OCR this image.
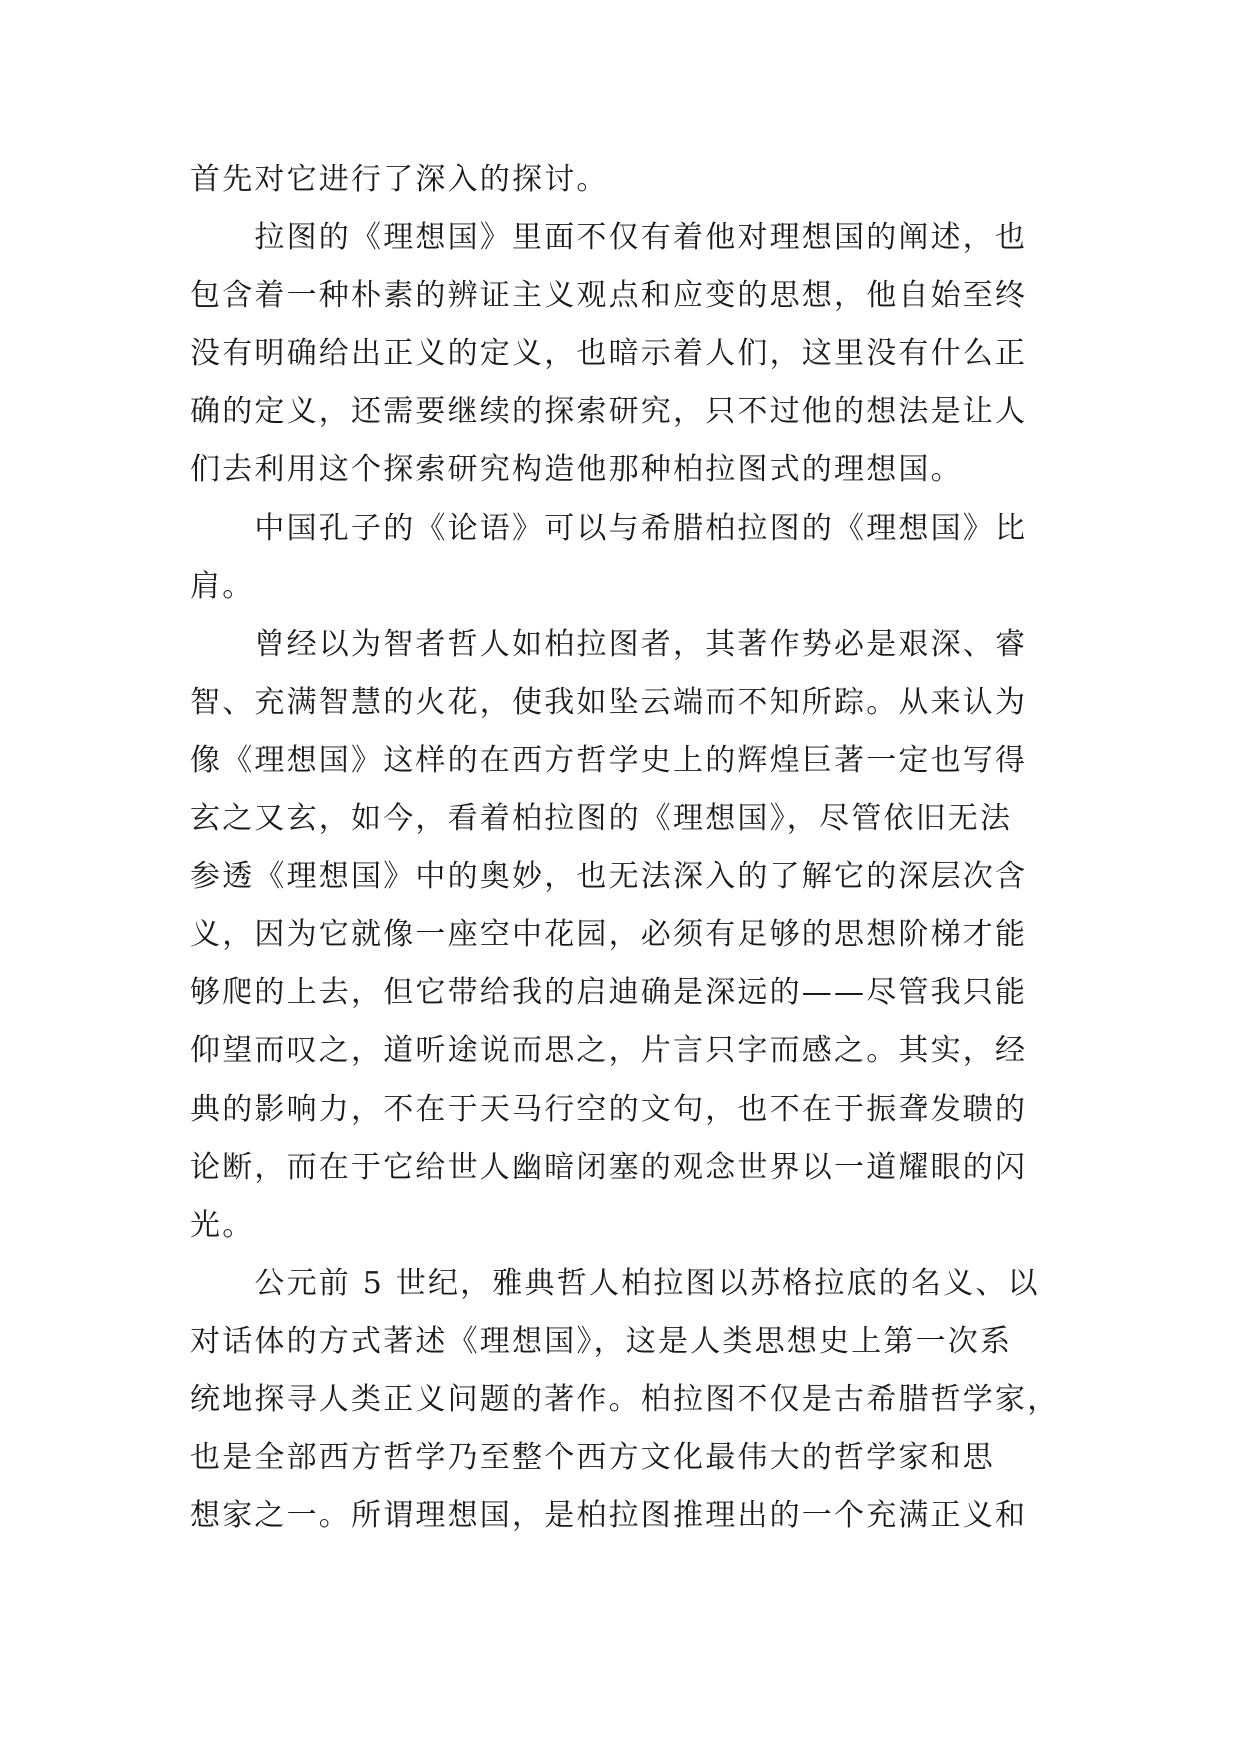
首先对它进行了深入的探讨。
　　拉图的《理想国》里面不仅有着他对理想国的阐述，也
包含着一种朴素的辨证主义观点和应变的思想，他自始至终
没有明确给出正义的定义，也暗示着人们，这里没有什么正
确的定义，还需要继续的探索研究，只不过他的想法是让人
们去利用这个探索研究构造他那种柏拉图式的理想国。
　　中国孔子的《论语》可以与希腊柏拉图的《理想国》比
肩。
　　曾经以为智者哲人如柏拉图者，其著作势必是艰深、睿
智、充满智慧的火花，使我如坠云端而不知所踪。从来认为
像《理想国》这样的在西方哲学史上的辉煌巨著一定也写得
玄之又玄，如今，看着柏拉图的《理想国》，尽管依旧无法
参透《理想国》中的奥妙，也无法深入的了解它的深层次含
义，因为它就像一座空中花园，必须有足够的思想阶梯才能
够爬的上去，但它带给我的启迪确是深远的——尽管我只能
仰望而叹之，道听途说而思之，片言只字而感之。其实，经
典的影响力，不在于天马行空的文句，也不在于振聋发聩的
论断，而在于它给世人幽暗闭塞的观念世界以一道耀眼的闪
光。
　　公元前 5 世纪，雅典哲人柏拉图以苏格拉底的名义、以
对话体的方式著述《理想国》，这是人类思想史上第一次系
统地探寻人类正义问题的著作。柏拉图不仅是古希腊哲学家，
也是全部西方哲学乃至整个西方文化最伟大的哲学家和思
想家之一。所谓理想国，是柏拉图推理出的一个充满正义和
